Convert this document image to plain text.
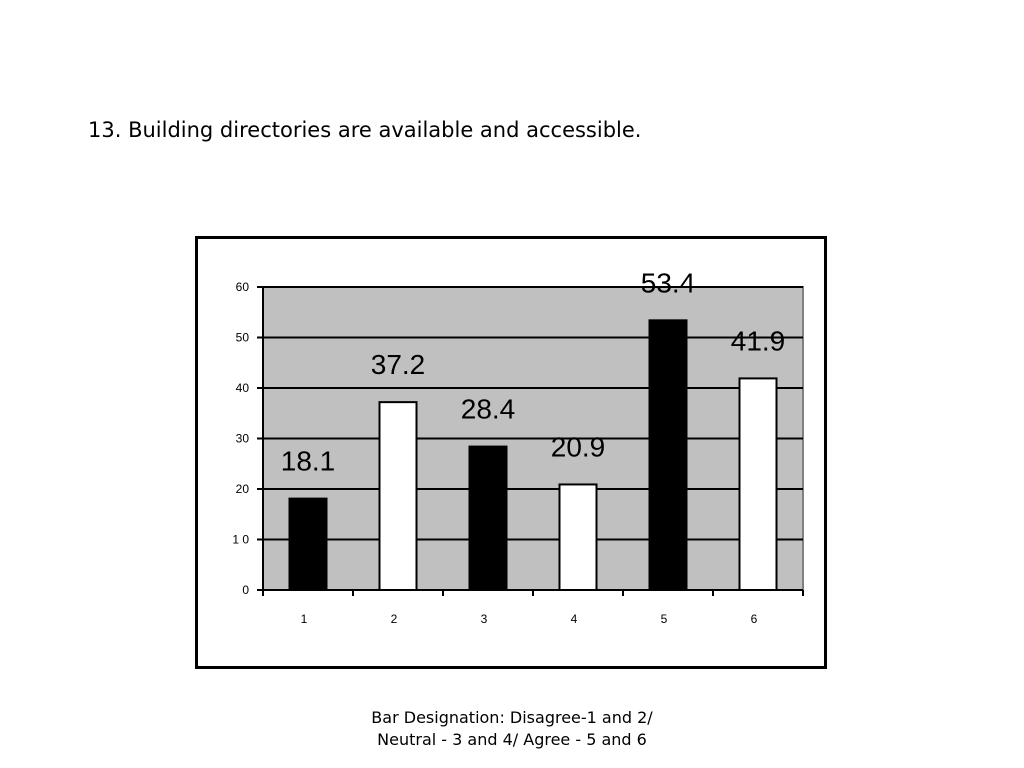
13. Building directories are available and accessible.
0
1 0
20
30
40
50
60
18.1
1
37.2
2
28.4
3
20.9
4
53.4
5
41.9
6
Bar Designation: Disagree-1 and 2/ Neutral - 3 and 4/ Agree - 5 and 6
